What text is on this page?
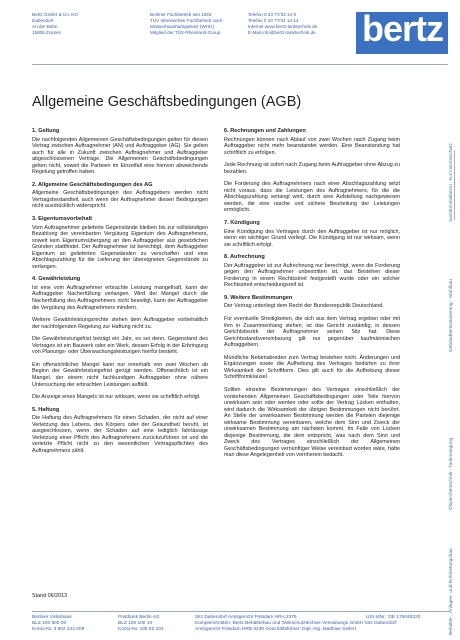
Bertz GmbH & Co. KG
Dabendorf
An der Bahn
15806 Zossen
Berliner Fachbetrieb seit 1933
TÜV überwachter Fachbetrieb nach
Wasserhaushaltsgesetz (WHG)
Mitglied der TÜV-Rheinland-Group
Telefon 0 33 77/34 14-0
Telefax 0 33 77/34 14-14
Internet www.bertz-tanktechnik.de
E-Mail info@bertz-tanktechnik.de bertz
Sanitärinstallation - Korrosionsschutz
Gebäudeentwässerung - Stahlbau
Ölspeichertechnik - Tankreinigung
Behälter-, Anlagen- und Rohrleitungsbau
Allgemeine Geschäftsbedingungen (AGB)
1. Geltung

Die nachfolgenden Allgemeinen Geschäftsbedingungen gelten für diesen Vertrag zwischen Auftragnehmer (AN) und Auftraggeber (AG). Sie gelten auch für alle in Zukunft zwischen Auftragnehmer und Auftraggeber abgeschlossenen Verträge. Die Allgemeinen Geschäftsbedingungen gelten nicht, soweit die Parteien im Einzelfall eine hiervon abweichende Regelung getroffen haben.

2. Allgemeine Geschäftsbedingungen des AG

Allgemeine Geschäftsbedingungen des Auftraggebers werden nicht Vertragsbestandteil, auch wenn der Auftragnehmer diesen Bedingungen nicht ausdrücklich widerspricht.

3. Eigentumsvorbehalt

Vom Auftragnehmer gelieferte Gegenstände bleiben bis zur vollständigen Bezahlung der vereinbarten Vergütung Eigentum des Auftragnehmers, soweit kein Eigentumsübergang an den Auftraggeber aus gesetzlichen Gründen stattfindet. Der Auftragnehmer ist berechtigt, dem Auftraggeber Eigentum an gelieferten Gegenständen zu verschaffen und eine Abschlagszahlung für die Lieferung der übereigneten Gegenstände zu verlangen.

4. Gewährleistung

Ist eine vom Auftragnehmer erbrachte Leistung mangelhaft, kann der Auftraggeber Nacherfüllung verlangen. Wird der Mangel durch die Nacherfüllung des Auftragnehmers nicht beseitigt, kann der Auftraggeber die Vergütung des Auftragnehmers mindern.

Weitere Gewährleistungsrechte stehen dem Auftraggeber vorbehaltlich der nachfolgenden Regelung zur Haftung nicht zu.

Die Gewährleistungsfrist beträgt ein Jahr, es sei denn, Gegenstand des Vertrages ist ein Bauwerk oder ein Werk, dessen Erfolg in der Erbringung von Planungs- oder Überwachungsleistungen hierfür besteht.

Ein offensichtlicher Mangel kann nur innerhalb von zwei Wochen ab Beginn der Gewährleistungsfrist gerügt werden. Offensichtlich ist ein Mangel, der einem nicht fachkundigen Auftraggeber ohne nähere Untersuchung der erbrachten Leistungen auffällt.

Die Anzeige eines Mangels ist nur wirksam, wenn sie schriftlich erfolgt.

5. Haftung

Die Haftung des Auftragnehmers für einen Schaden, der nicht auf einer Verletzung des Lebens, des Körpers oder der Gesundheit beruht, ist ausgeschlossen, wenn der Schaden auf eine lediglich fahrlässige Verletzung einer Pflicht des Auftragnehmers zurückzuführen ist und die verletzte Pflicht nicht zu den wesentlichen Vertragspflichten des Auftragnehmers zählt.

6. Rechnungen und Zahlungen

Rechnungen können nach Ablauf von zwei Wochen nach Zugang beim Auftraggeber nicht mehr beanstandet werden. Eine Beanstandung hat schriftlich zu erfolgen.

Jede Rechnung ist sofort nach Zugang beim Auftraggeber ohne Abzug zu bezahlen.

Die Forderung des Auftragnehmers nach einer Abschlagszahlung setzt nicht voraus, dass die Leistungen des Auftragnehmers, für die die Abschlagszahlung verlangt wird, durch eine Aufstellung nachgewiesen werden, die eine rasche und sichere Beurteilung der Leistungen ermöglicht.

7. Kündigung

Eine Kündigung des Vertrages durch den Auftraggeber ist nur möglich, wenn ein wichtiger Grund vorliegt. Die Kündigung ist nur wirksam, wenn sie schriftlich erfolgt.

8. Aufrechnung

Der Auftraggeber ist zur Aufrechnung nur berechtigt, wenn die Forderung gegen den Auftragnehmer unbestritten ist, das Bestehen dieser Forderung in einem Rechtsstreit festgestellt wurde oder ein solcher Rechtsstreit entscheidungsreif ist.

9. Weitere Bestimmungen

Der Vertrag unterliegt dem Recht der Bundesrepublik Deutschland.

Für eventuelle Streitigkeiten, die sich aus dem Vertrag ergeben oder mit ihm in Zusammenhang stehen, ist das Gericht zuständig, in dessen Gerichtsbezirk der Auftragnehmer seinen Sitz hat. Diese Gerichtsstandsvereinbarung gilt nur gegenüber kaufmännischen Auftraggebern.

Mündliche Nebenabreden zum Vertrag bestehen nicht. Änderungen und Ergänzungen sowie die Aufhebung des Vertrages bedürfen zu ihrer Wirksamkeit der Schriftform. Dies gilt auch für die Aufhebung dieser Schriftformklausel.

Sollten einzelne Bestimmungen des Vertrages einschließlich der vorstehenden Allgemeinen Geschäftsbedingungen oder Teile hiervon unwirksam sein oder werden oder sollte der Vertrag Lücken enthalten, wird dadurch die Wirksamkeit der übrigen Bestimmungen nicht berührt. An Stelle der unwirksamen Bestimmung werden die Parteien diejenige wirksame Bestimmung vereinbaren, welche dem Sinn und Zweck der unwirksamen Bestimmung am nächsten kommt. Im Falle von Lücken diejenige Bestimmung, die dem entspricht, was nach dem Sinn und Zweck des Vertrages einschließlich der Allgemeinen Geschäftsbedingungen vernünftiger Weise vereinbart worden wäre, hätte man diese Angelegenheit von vornherein bedacht.

Stand 06/2013
Berliner Volksbank
BLZ 100 900 00
Konto-Nr. 3 902 244 009
Postbank Berlin AG
BLZ 100 100 10
Konto-Nr. 435 52 103
Sitz Dabendorf Amtsgericht Potsdam HRA 2379
Komplementärin: Bertz Behälterbau und Tankschutztechnik Verwaltungs GmbH Sitz Dabendorf
Amtsgericht Potsdam HRB 9230 Geschäftsführer: Dipl.-Ing. Matthias Seifert
USt-IdNr.: DE 175046220
